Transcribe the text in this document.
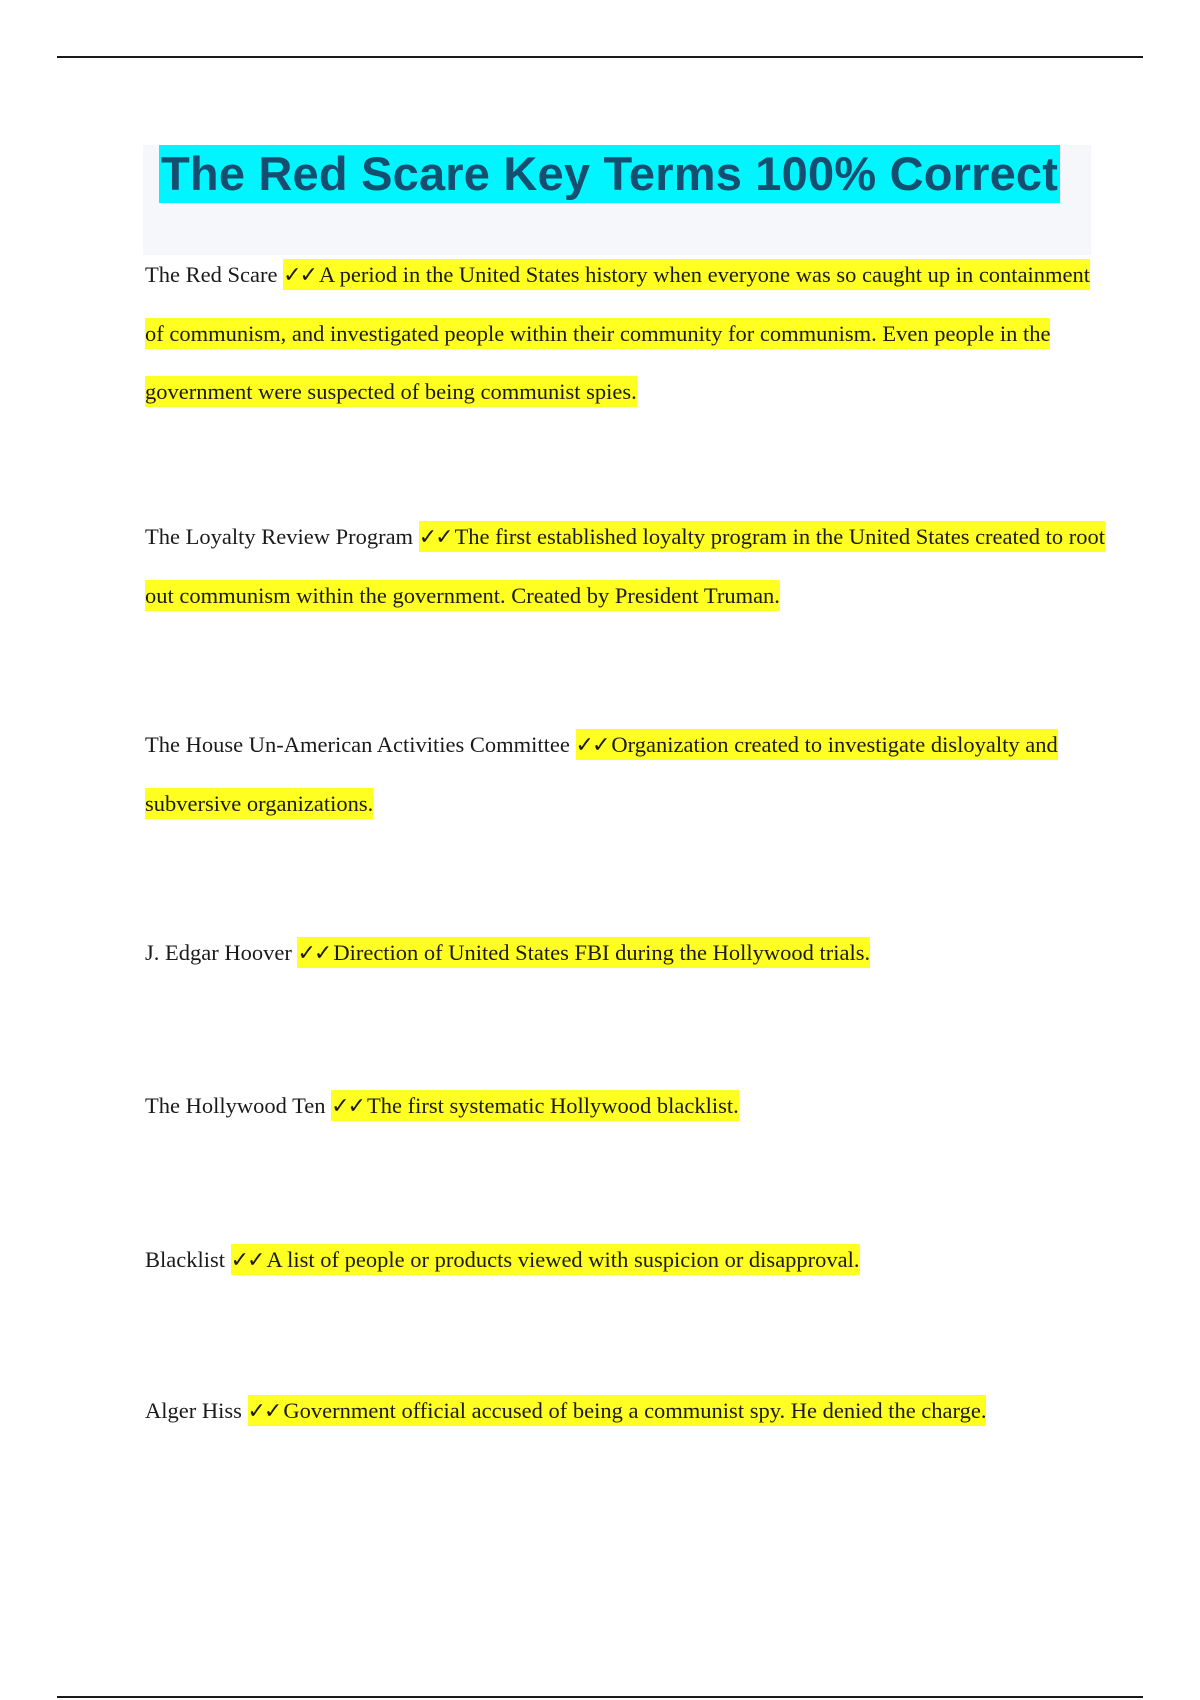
The Red Scare Key Terms 100% Correct
The Red Scare ✓✓ A period in the United States history when everyone was so caught up in containment of communism, and investigated people within their community for communism. Even people in the government were suspected of being communist spies.
The Loyalty Review Program ✓✓ The first established loyalty program in the United States created to root out communism within the government. Created by President Truman.
The House Un-American Activities Committee ✓✓ Organization created to investigate disloyalty and subversive organizations.
J. Edgar Hoover ✓✓ Direction of United States FBI during the Hollywood trials.
The Hollywood Ten ✓✓ The first systematic Hollywood blacklist.
Blacklist ✓✓ A list of people or products viewed with suspicion or disapproval.
Alger Hiss ✓✓ Government official accused of being a communist spy. He denied the charge.
